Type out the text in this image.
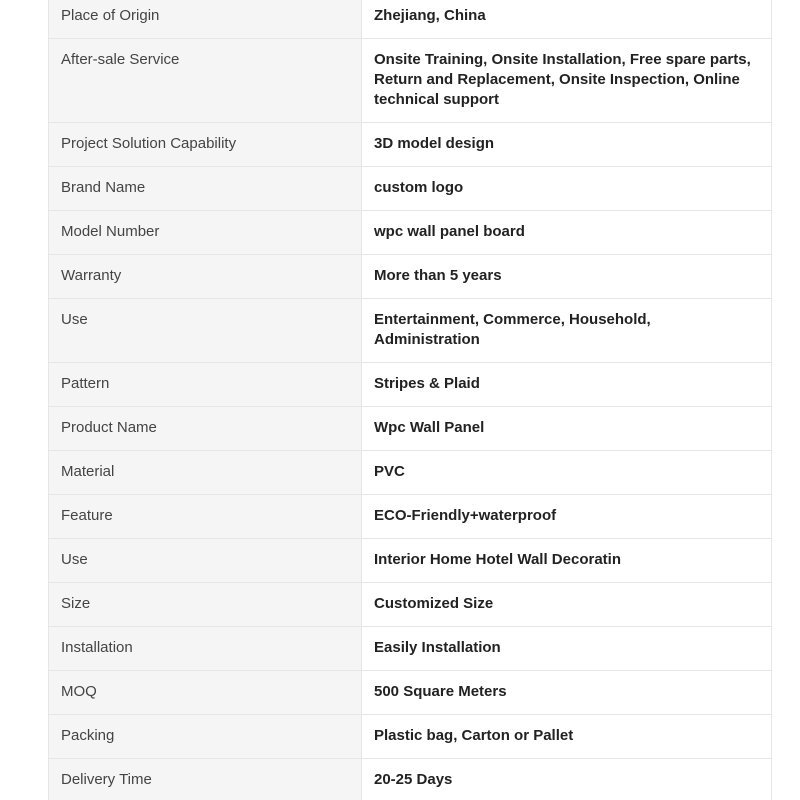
Place of Origin	Zhejiang, China
After-sale Service	Onsite Training, Onsite Installation, Free spare parts, Return and Replacement, Onsite Inspection, Online technical support
Project Solution Capability	3D model design
Brand Name	custom logo
Model Number	wpc wall panel board
Warranty	More than 5 years
Use	Entertainment, Commerce, Household, Administration
Pattern	Stripes & Plaid
Product Name	Wpc Wall Panel
Material	PVC
Feature	ECO-Friendly+waterproof
Use	Interior Home Hotel Wall Decoratin
Size	Customized Size
Installation	Easily Installation
MOQ	500 Square Meters
Packing	Plastic bag, Carton or Pallet
Delivery Time	20-25 Days
